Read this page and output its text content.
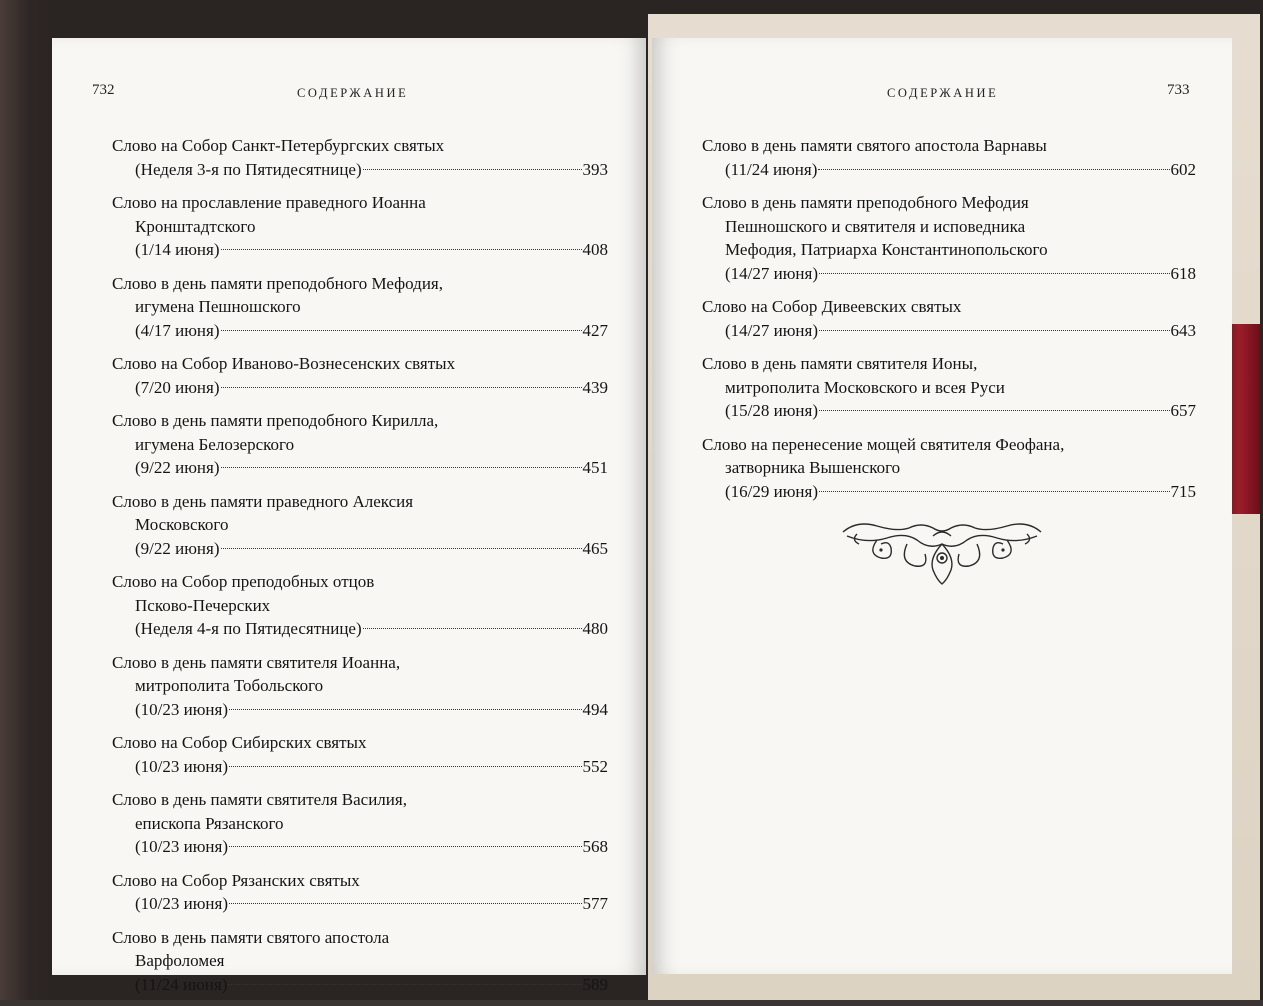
732	СОДЕРЖАНИЕ
Слово на Собор Санкт-Петербургских святых
(Неделя 3-я по Пятидесятнице)	393
Слово на прославление праведного Иоанна
Кронштадтского
(1/14 июня)	408
Слово в день памяти преподобного Мефодия,
игумена Пешношского
(4/17 июня)	427
Слово на Собор Иваново-Вознесенских святых
(7/20 июня)	439
Слово в день памяти преподобного Кирилла,
игумена Белозерского
(9/22 июня)	451
Слово в день памяти праведного Алексия
Московского
(9/22 июня)	465
Слово на Собор преподобных отцов
Псково-Печерских
(Неделя 4-я по Пятидесятнице)	480
Слово в день памяти святителя Иоанна,
митрополита Тобольского
(10/23 июня)	494
Слово на Собор Сибирских святых
(10/23 июня)	552
Слово в день памяти святителя Василия,
епископа Рязанского
(10/23 июня)	568
Слово на Собор Рязанских святых
(10/23 июня)	577
Слово в день памяти святого апостола
Варфоломея
(11/24 июня)	589
СОДЕРЖАНИЕ	733
Слово в день памяти святого апостола Варнавы
(11/24 июня)	602
Слово в день памяти преподобного Мефодия
Пешношского и святителя и исповедника
Мефодия, Патриарха Константинопольского
(14/27 июня)	618
Слово на Собор Дивеевских святых
(14/27 июня)	643
Слово в день памяти святителя Ионы,
митрополита Московского и всея Руси
(15/28 июня)	657
Слово на перенесение мощей святителя Феофана,
затворника Вышенского
(16/29 июня)	715
